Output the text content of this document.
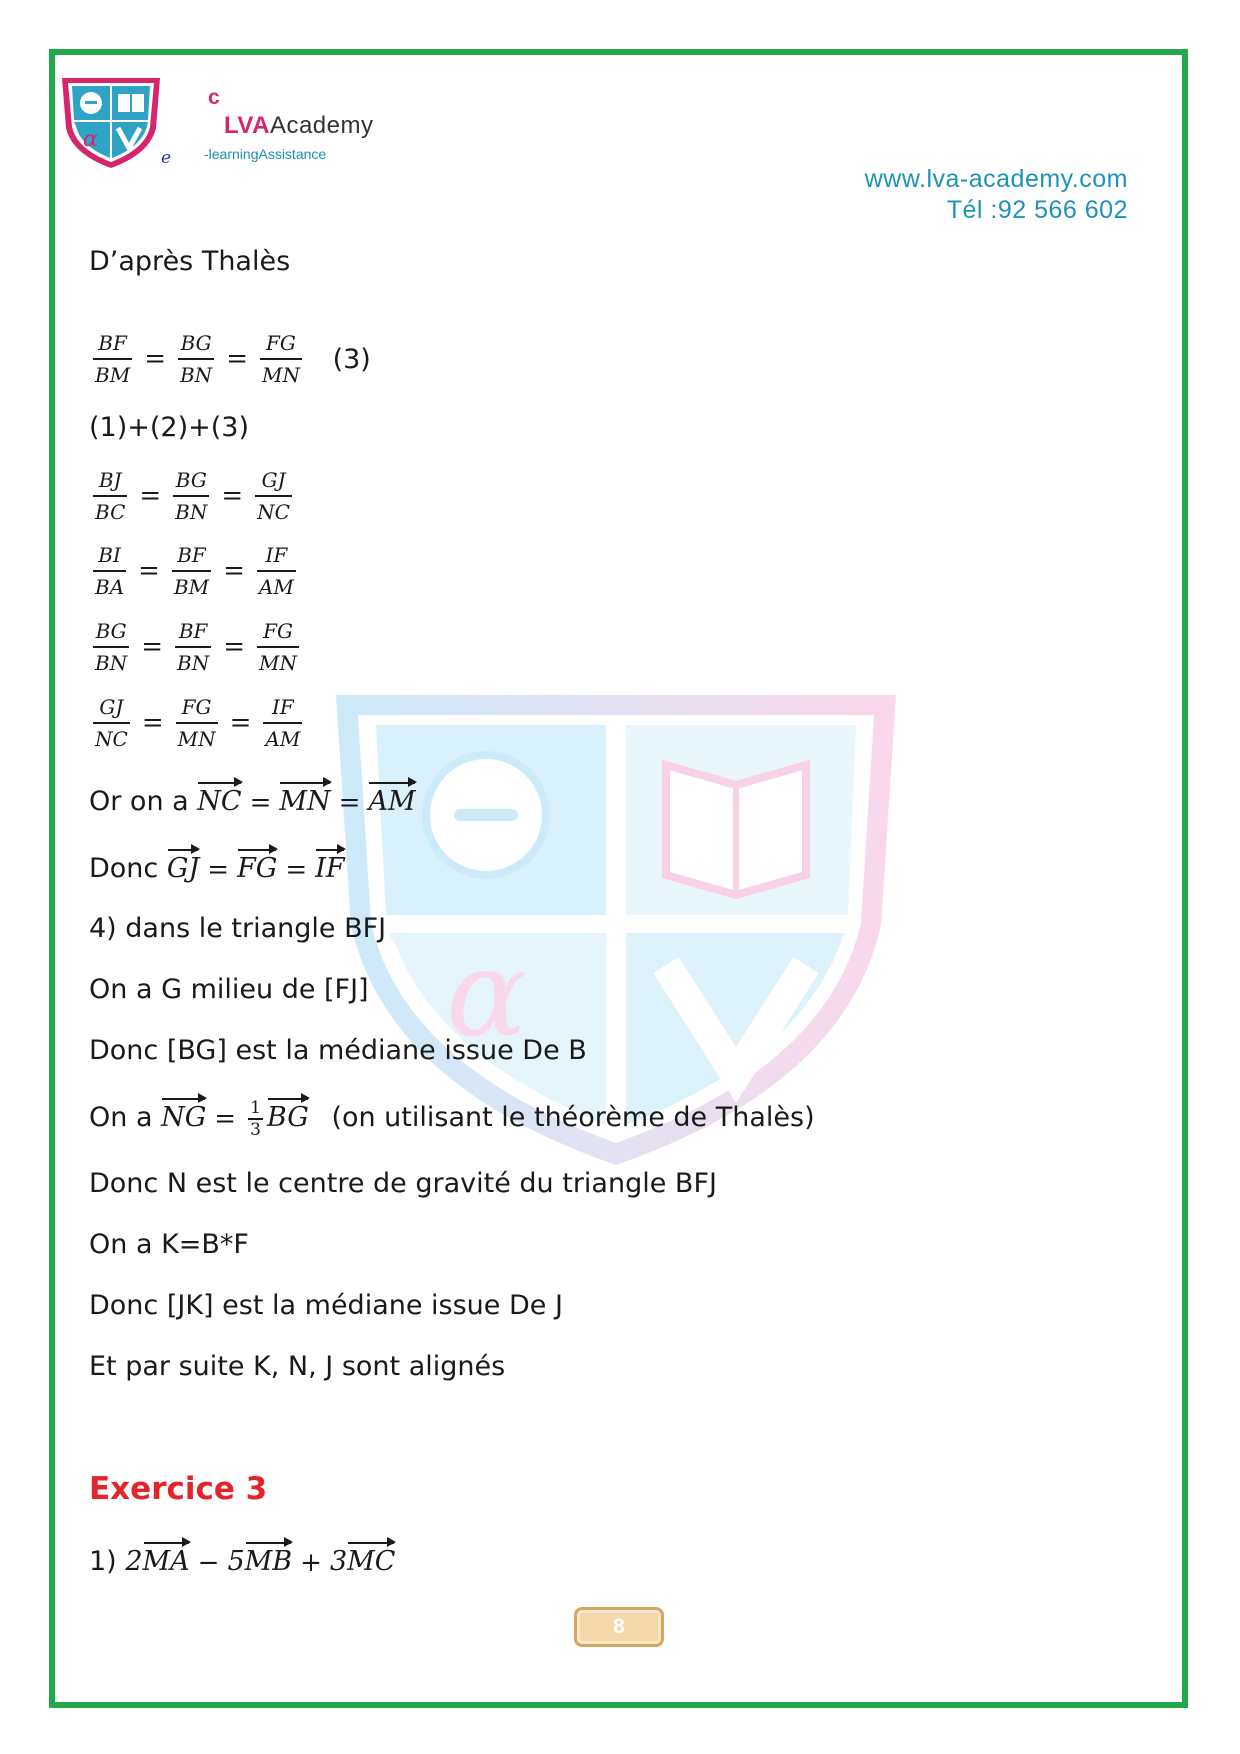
α
e
c
LVAAcademy
-learningAssistance
www.lva-academy.com
Tél :92 566 602
α
D’après Thalès
$\frac{BF}{BM} = \frac{BG}{BN} = \frac{FG}{MN} (3)$
(1)+(2)+(3)
$\frac{BJ}{BC} = \frac{BG}{BN} = \frac{GJ}{NC}$
$\frac{BI}{BA} = \frac{BF}{BM} = \frac{IF}{AM}$
$\frac{BG}{BN} = \frac{BF}{BN} = \frac{FG}{MN}$
$\frac{GJ}{NC} = \frac{FG}{MN} = \frac{IF}{AM}$
Or on a NC = MN = AM
Donc GJ = FG = IF
4) dans le triangle BFJ
On a G milieu de [FJ]
Donc [BG] est la médiane issue De B
On a NG = $\frac{1}{3}$ BG (on utilisant le théorème de Thalès)
Donc N est le centre de gravité du triangle BFJ
On a K=B*F
Donc [JK] est la médiane issue De J
Et par suite K, N, J sont alignés
Exercice 3
1) 2MA − 5MB + 3MC
8
